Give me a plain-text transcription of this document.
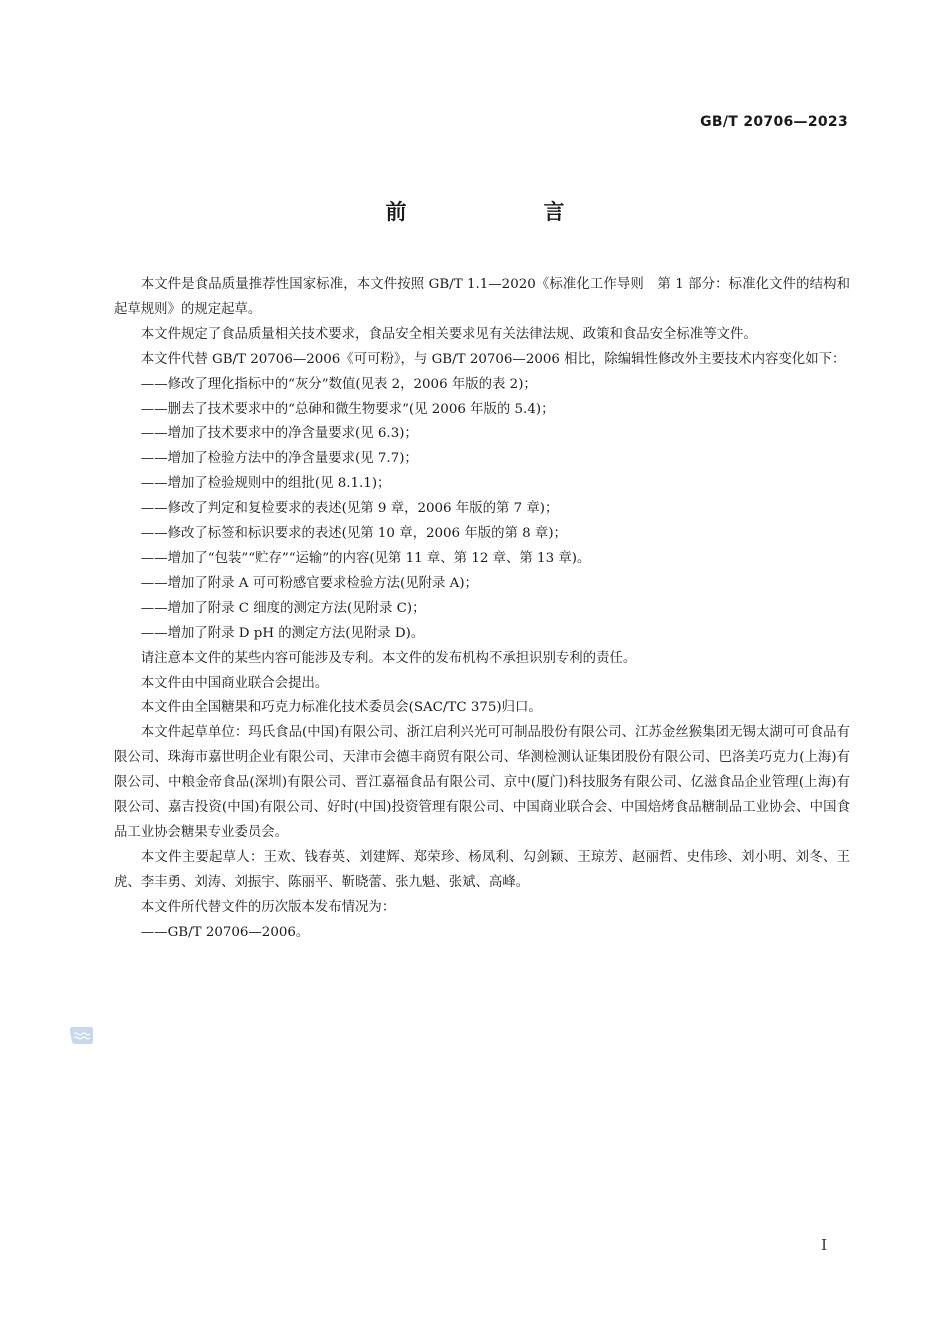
GB/T 20706—2023
前　言

本文件是食品质量推荐性国家标准，本文件按照 GB/T 1.1—2020《标准化工作导则　第 1 部分：标准化文件的结构和起草规则》的规定起草。

本文件规定了食品质量相关技术要求，食品安全相关要求见有关法律法规、政策和食品安全标准等文件。

本文件代替 GB/T 20706—2006《可可粉》，与 GB/T 20706—2006 相比，除编辑性修改外主要技术内容变化如下：

——修改了理化指标中的“灰分”数值(见表 2，2006 年版的表 2)；

——删去了技术要求中的“总砷和微生物要求”(见 2006 年版的 5.4)；

——增加了技术要求中的净含量要求(见 6.3)；

——增加了检验方法中的净含量要求(见 7.7)；

——增加了检验规则中的组批(见 8.1.1)；

——修改了判定和复检要求的表述(见第 9 章，2006 年版的第 7 章)；

——修改了标签和标识要求的表述(见第 10 章，2006 年版的第 8 章)；

——增加了“包装”“贮存”“运输”的内容(见第 11 章、第 12 章、第 13 章)。

——增加了附录 A 可可粉感官要求检验方法(见附录 A)；

——增加了附录 C 细度的测定方法(见附录 C)；

——增加了附录 D pH 的测定方法(见附录 D)。

请注意本文件的某些内容可能涉及专利。本文件的发布机构不承担识别专利的责任。

本文件由中国商业联合会提出。

本文件由全国糖果和巧克力标准化技术委员会(SAC/TC 375)归口。

本文件起草单位：玛氏食品(中国)有限公司、浙江启利兴光可可制品股份有限公司、江苏金丝猴集团无锡太湖可可食品有限公司、珠海市嘉世明企业有限公司、天津市会德丰商贸有限公司、华测检测认证集团股份有限公司、巴洛美巧克力(上海)有限公司、中粮金帝食品(深圳)有限公司、晋江嘉福食品有限公司、京中(厦门)科技服务有限公司、亿滋食品企业管理(上海)有限公司、嘉吉投资(中国)有限公司、好时(中国)投资管理有限公司、中国商业联合会、中国焙烤食品糖制品工业协会、中国食品工业协会糖果专业委员会。

本文件主要起草人：王欢、钱春英、刘建辉、郑荣珍、杨凤利、勾剑颖、王琼芳、赵丽哲、史伟珍、刘小明、刘冬、王虎、李丰勇、刘涛、刘振宇、陈丽平、靳晓蕾、张九魁、张斌、高峰。

本文件所代替文件的历次版本发布情况为：

——GB/T 20706—2006。

I
